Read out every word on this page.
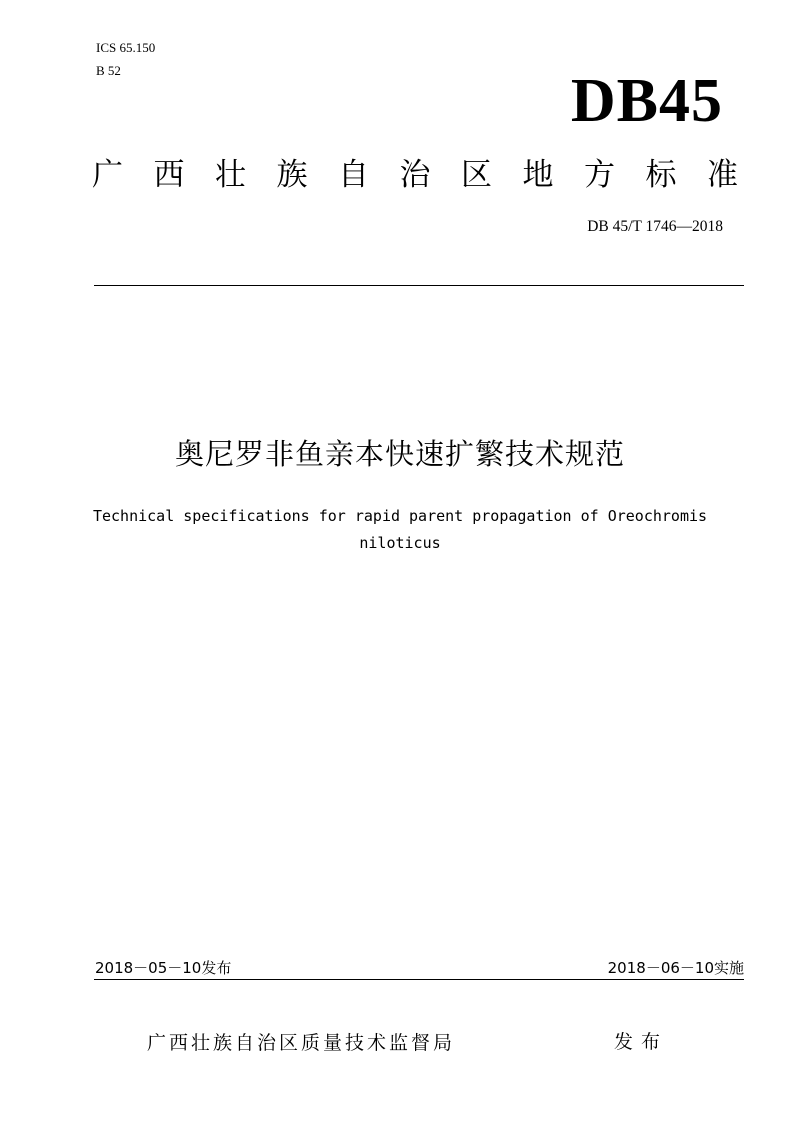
ICS 65.150
B 52	DB45
广 西 壮 族 自 治 区 地 方 标 准
DB 45/T 1746—2018
奥尼罗非鱼亲本快速扩繁技术规范
Technical specifications for rapid parent propagation of Oreochromis
niloticus
2018－05－10发布	2018－06－10实施
广西壮族自治区质量技术监督局	发布
